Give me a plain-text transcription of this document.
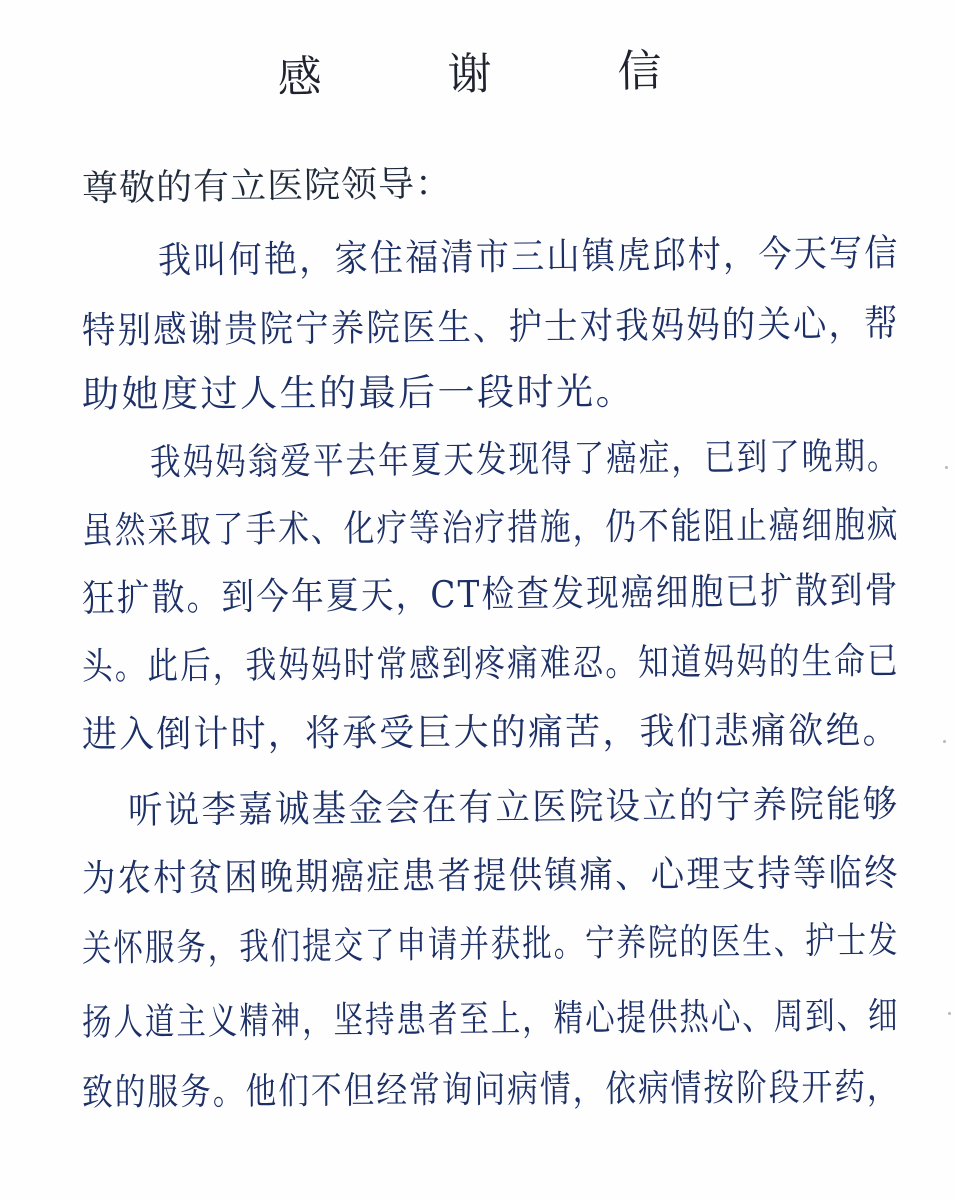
感 谢 信
尊敬的有立医院领导：
我叫何艳，家住福清市三山镇虎邱村，今天写信
特别感谢贵院宁养院医生、护士对我妈妈的关心，帮
助她度过人生的最后一段时光。
我妈妈翁爱平去年夏天发现得了癌症，已到了晚期。
虽然采取了手术、化疗等治疗措施，仍不能阻止癌细胞疯
狂扩散。到今年夏天，CT检查发现癌细胞已扩散到骨
头。此后，我妈妈时常感到疼痛难忍。知道妈妈的生命已
进入倒计时，将承受巨大的痛苦，我们悲痛欲绝。
听说李嘉诚基金会在有立医院设立的宁养院能够
为农村贫困晚期癌症患者提供镇痛、心理支持等临终
关怀服务，我们提交了申请并获批。宁养院的医生、护士发
扬人道主义精神，坚持患者至上，精心提供热心、周到、细
致的服务。他们不但经常询问病情，依病情按阶段开药，
